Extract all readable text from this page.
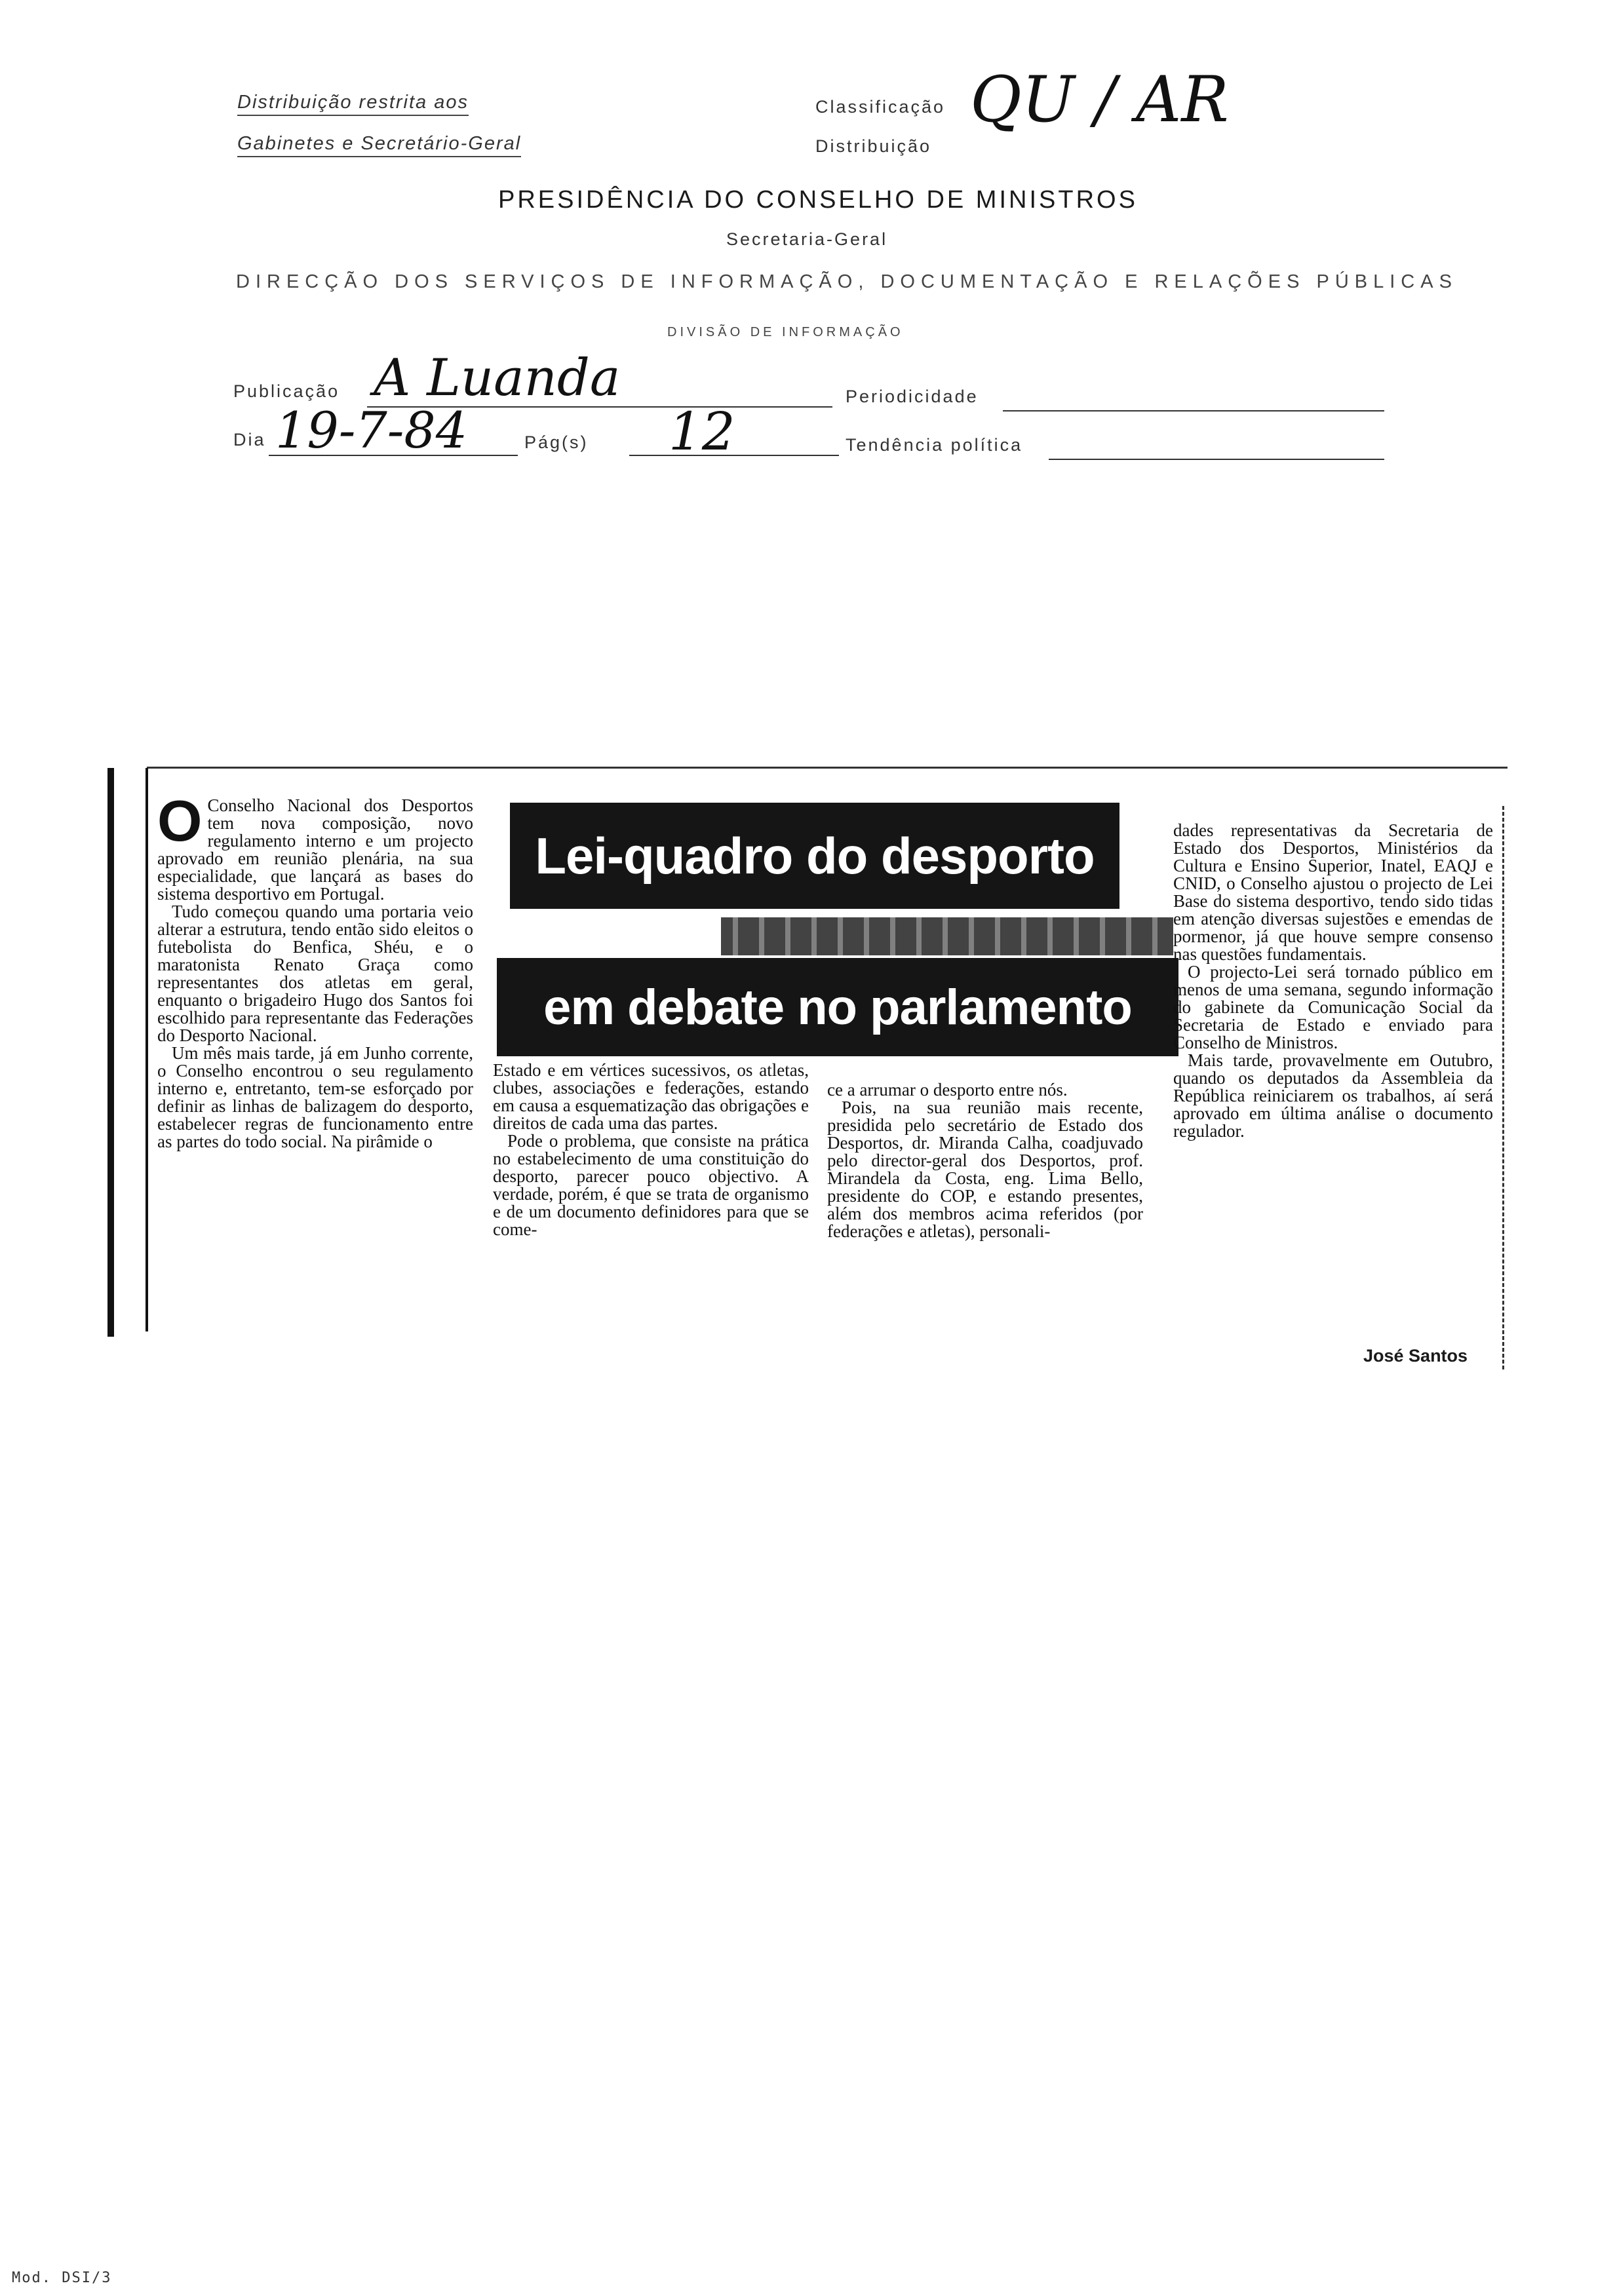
Distribuição restrita aos
Gabinetes e Secretário-Geral
Classificação
Distribuição
QU / AR
PRESIDÊNCIA DO CONSELHO DE MINISTROS
Secretaria-Geral
DIRECÇÃO DOS SERVIÇOS DE INFORMAÇÃO, DOCUMENTAÇÃO E RELAÇÕES PÚBLICAS
DIVISÃO DE INFORMAÇÃO
Publicação A Luanda	Periodicidade
Dia 19-7-84	Pág(s) 12	Tendência política
Lei-quadro do desporto
em debate no parlamento
O Conselho Nacional dos Desportos tem nova composição, novo regulamento interno e um projecto aprovado em reunião plenária, na sua especialidade, que lançará as bases do sistema desportivo em Portugal.

Tudo começou quando uma portaria veio alterar a estrutura, tendo então sido eleitos o futebolista do Benfica, Shéu, e o maratonista Renato Graça como representantes dos atletas em geral, enquanto o brigadeiro Hugo dos Santos foi escolhido para representante das Federações do Desporto Nacional.

Um mês mais tarde, já em Junho corrente, o Conselho encontrou o seu regulamento interno e, entretanto, tem-se esforçado por definir as linhas de balizagem do desporto, estabelecer regras de funcionamento entre as partes do todo social. Na pirâmide o

Estado e em vértices sucessivos, os atletas, clubes, associações e federações, estando em causa a esquematização das obrigações e direitos de cada uma das partes.

Pode o problema, que consiste na prática no estabelecimento de uma constituição do desporto, parecer pouco objectivo. A verdade, porém, é que se trata de organismo e de um documento definidores para que se come-

ce a arrumar o desporto entre nós.

Pois, na sua reunião mais recente, presidida pelo secretário de Estado dos Desportos, dr. Miranda Calha, coadjuvado pelo director-geral dos Desportos, prof. Mirandela da Costa, eng. Lima Bello, presidente do COP, e estando presentes, além dos membros acima referidos (por federações e atletas), personali-

dades representativas da Secretaria de Estado dos Desportos, Ministérios da Cultura e Ensino Superior, Inatel, EAQJ e CNID, o Conselho ajustou o projecto de Lei Base do sistema desportivo, tendo sido tidas em atenção diversas sujestões e emendas de pormenor, já que houve sempre consenso nas questões fundamentais.

O projecto-Lei será tornado público em menos de uma semana, segundo informação do gabinete da Comunicação Social da Secretaria de Estado e enviado para Conselho de Ministros.

Mais tarde, provavelmente em Outubro, quando os deputados da Assembleia da República reiniciarem os trabalhos, aí será aprovado em última análise o documento regulador.

José Santos
Mod. DSI/3
